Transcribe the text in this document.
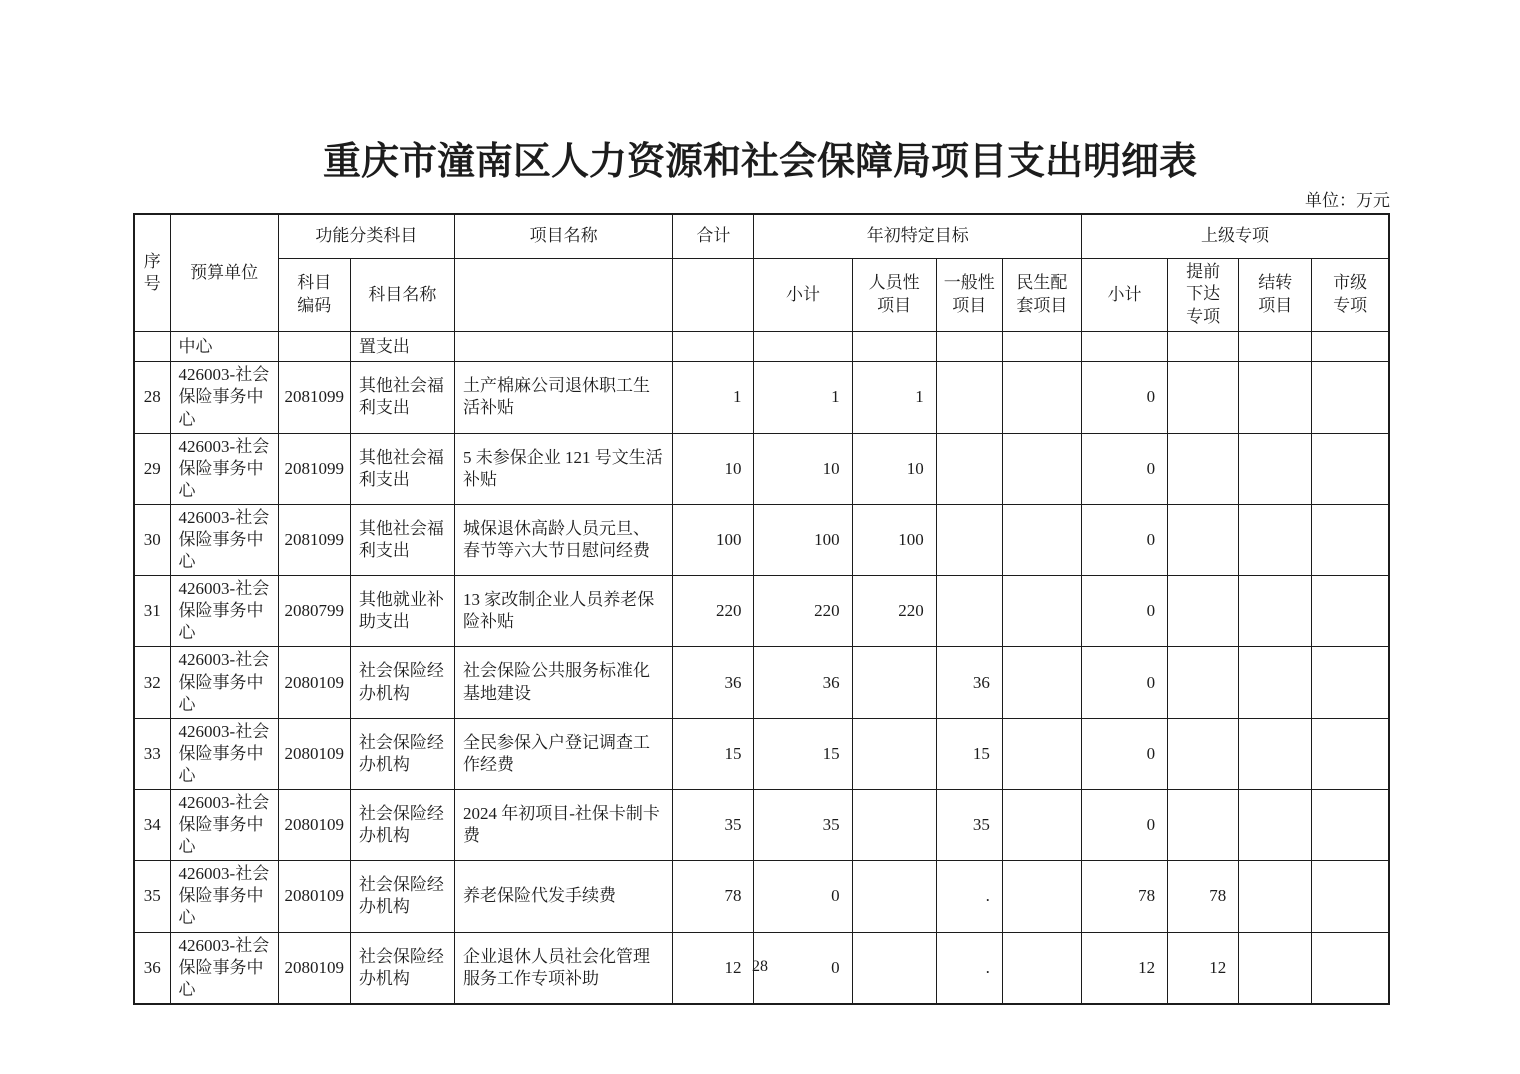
重庆市潼南区人力资源和社会保障局项目支出明细表
单位：万元
序号	预算单位	功能分类科目		项目名称	合计	年初特定目标				上级专项			
		科目编码	科目名称			小计	人员性项目	一般性项目	民生配套项目	小计	提前下达专项	结转项目	市级专项
	中心		置支出										
28	426003-社会保险事务中心	2081099	其他社会福利支出	土产棉麻公司退休职工生活补贴	1	1	1			0			
29	426003-社会保险事务中心	2081099	其他社会福利支出	5 未参保企业 121 号文生活补贴	10	10	10			0			
30	426003-社会保险事务中心	2081099	其他社会福利支出	城保退休高龄人员元旦、春节等六大节日慰问经费	100	100	100			0			
31	426003-社会保险事务中心	2080799	其他就业补助支出	13 家改制企业人员养老保险补贴	220	220	220			0			
32	426003-社会保险事务中心	2080109	社会保险经办机构	社会保险公共服务标准化基地建设	36	36		36		0			
33	426003-社会保险事务中心	2080109	社会保险经办机构	全民参保入户登记调查工作经费	15	15		15		0			
34	426003-社会保险事务中心	2080109	社会保险经办机构	2024 年初项目-社保卡制卡费	35	35		35		0			
35	426003-社会保险事务中心	2080109	社会保险经办机构	养老保险代发手续费	78	0		.		78	78		
36	426003-社会保险事务中心	2080109	社会保险经办机构	企业退休人员社会化管理服务工作专项补助	12	0		.		12	12		
28
